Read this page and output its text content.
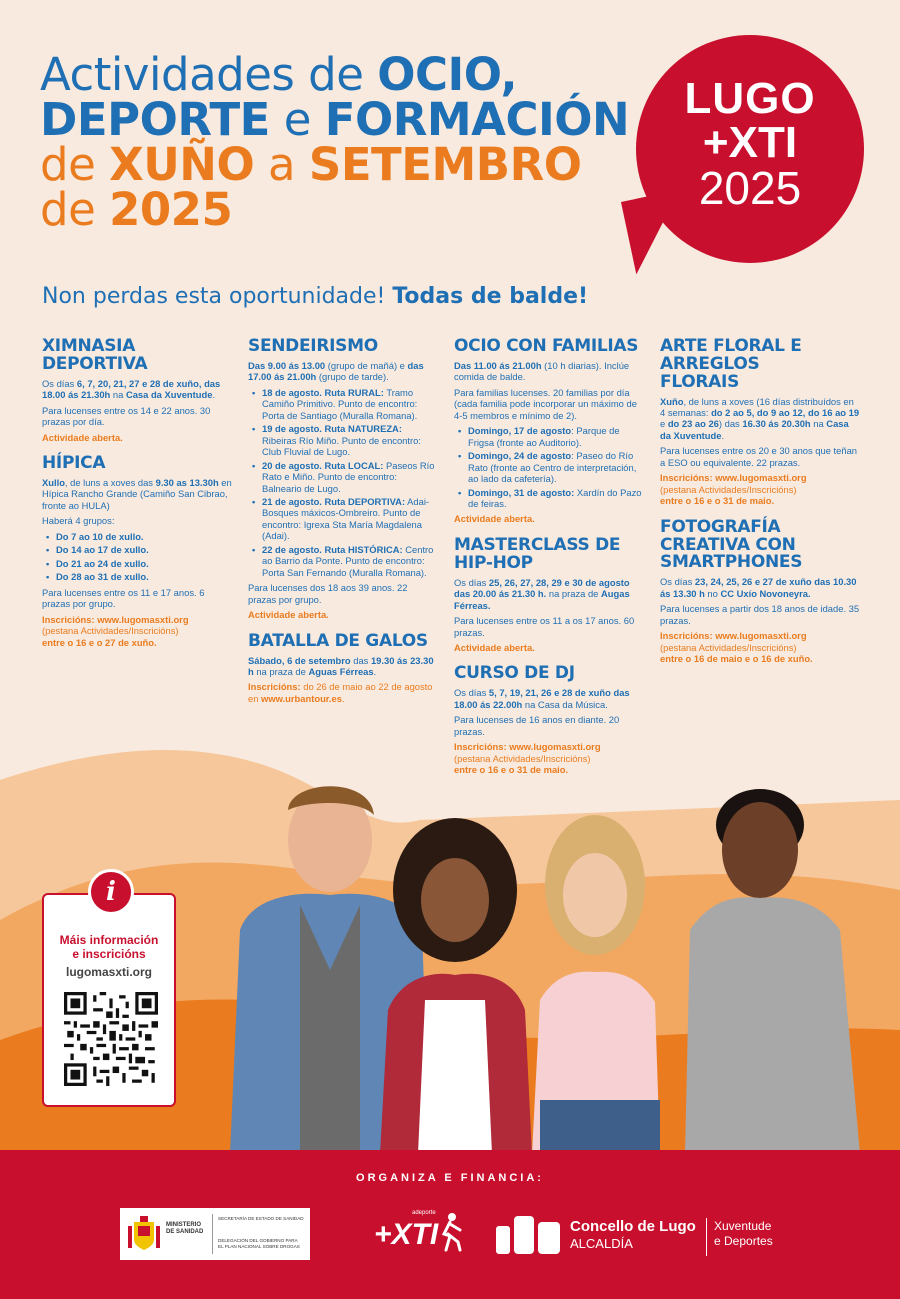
Actividades de OCIO,
DEPORTE e FORMACIÓN
de XUÑO a SETEMBRO
de 2025
Non perdas esta oportunidade! Todas de balde!
LUGO
+XTI
2025
XIMNASIA DEPORTIVA

Os días 6, 7, 20, 21, 27 e 28 de xuño, das 18.00 ás 21.30h na Casa da Xuventude.

Para lucenses entre os 14 e 22 anos. 30 prazas por día.

Actividade aberta.

HÍPICA

Xullo, de luns a xoves das 9.30 as 13.30h en Hípica Rancho Grande (Camiño San Cibrao, fronte ao HULA)

Haberá 4 grupos:

• Do 7 ao 10 de xullo.
• Do 14 ao 17 de xullo.
• Do 21 ao 24 de xullo.
• Do 28 ao 31 de xullo.

Para lucenses entre os 11 e 17 anos. 6 prazas por grupo.

Inscricións: www.lugomasxti.org
(pestana Actividades/Inscricións)
entre o 16 e o 27 de xuño.

SENDEIRISMO

Das 9.00 ás 13.00 (grupo de mañá) e das 17.00 ás 21.00h (grupo de tarde).

• 18 de agosto. Ruta RURAL: Tramo Camiño Primitivo. Punto de encontro: Porta de Santiago (Muralla Romana).
• 19 de agosto. Ruta NATUREZA: Ribeiras Río Miño. Punto de encontro: Club Fluvial de Lugo.
• 20 de agosto. Ruta LOCAL: Paseos Río Rato e Miño. Punto de encontro: Balneario de Lugo.
• 21 de agosto. Ruta DEPORTIVA: Adai-Bosques máxicos-Ombreiro. Punto de encontro: Igrexa Sta María Magdalena (Adai).
• 22 de agosto. Ruta HISTÓRICA: Centro ao Barrio da Ponte. Punto de encontro: Porta San Fernando (Muralla Romana).

Para lucenses dos 18 aos 39 anos. 22 prazas por grupo.

Actividade aberta.

BATALLA DE GALOS

Sábado, 6 de setembro das 19.30 ás 23.30 h na praza de Aguas Férreas.

Inscricións: do 26 de maio ao 22 de agosto en www.urbantour.es.

OCIO CON FAMILIAS

Das 11.00 ás 21.00h (10 h diarias). Inclúe comida de balde.

Para familias lucenses. 20 familias por día (cada familia pode incorporar un máximo de 4-5 membros e mínimo de 2).

• Domingo, 17 de agosto: Parque de Frigsa (fronte ao Auditorio).
• Domingo, 24 de agosto: Paseo do Río Rato (fronte ao Centro de interpretación, ao lado da cafetería).
• Domingo, 31 de agosto: Xardín do Pazo de feiras.

Actividade aberta.

MASTERCLASS DE HIP-HOP

Os días 25, 26, 27, 28, 29 e 30 de agosto das 20.00 ás 21.30 h. na praza de Augas Férreas.

Para lucenses entre os 11 a os 17 anos. 60 prazas.

Actividade aberta.

CURSO DE DJ

Os días 5, 7, 19, 21, 26 e 28 de xuño das 18.00 ás 22.00h na Casa da Música.

Para lucenses de 16 anos en diante. 20 prazas.

Inscricións: www.lugomasxti.org
(pestana Actividades/Inscricións)
entre o 16 e o 31 de maio.

ARTE FLORAL E ARREGLOS FLORAIS

Xuño, de luns a xoves (16 días distribuídos en 4 semanas: do 2 ao 5, do 9 ao 12, do 16 ao 19 e do 23 ao 26) das 16.30 ás 20.30h na Casa da Xuventude.

Para lucenses entre os 20 e 30 anos que teñan a ESO ou equivalente. 22 prazas.

Inscricións: www.lugomasxti.org
(pestana Actividades/Inscricións)
entre o 16 e o 31 de maio.

FOTOGRAFÍA CREATIVA CON SMARTPHONES

Os días 23, 24, 25, 26 e 27 de xuño das 10.30 ás 13.30 h no CC Uxío Novoneyra.

Para lucenses a partir dos 18 anos de idade. 35 prazas.

Inscricións: www.lugomasxti.org
(pestana Actividades/Inscricións)
entre o 16 de maio e o 16 de xuño.

i
Máis información e inscricións
lugomasxti.org
ORGANIZA E FINANCIA:
MINISTERIO DE SANIDAD
SECRETARÍA DE ESTADO DE SANIDAD
DELEGACIÓN DEL GOBIERNO PARA EL PLAN NACIONAL SOBRE DROGAS +XTI
adeporte
Concello de Lugo
ALCALDÍA
Xuventude
e Deportes
